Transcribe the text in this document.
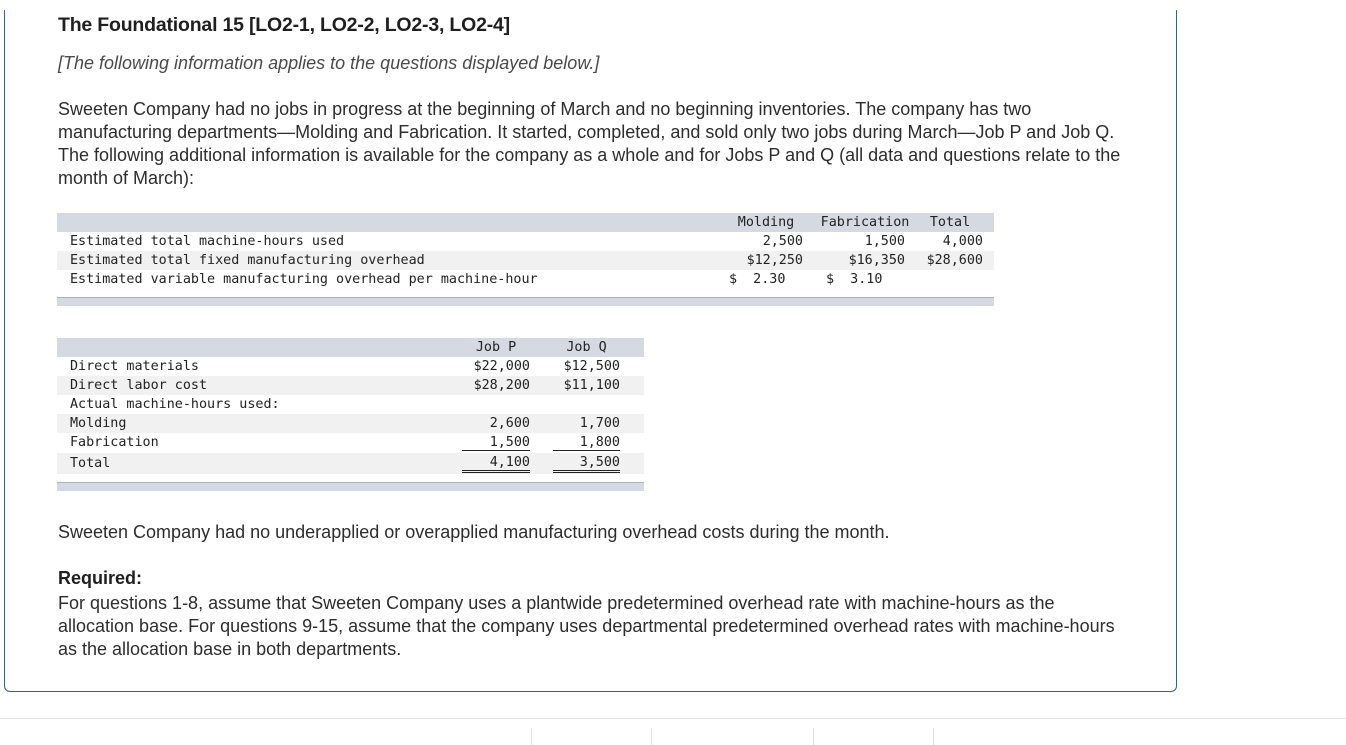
The Foundational 15 [LO2-1, LO2-2, LO2-3, LO2-4]
[The following information applies to the questions displayed below.]
Sweeten Company had no jobs in progress at the beginning of March and no beginning inventories. The company has two manufacturing departments—Molding and Fabrication. It started, completed, and sold only two jobs during March—Job P and Job Q. The following additional information is available for the company as a whole and for Jobs P and Q (all data and questions relate to the month of March):
Molding	Fabrication	Total
Estimated total machine-hours used	2,500	1,500	4,000
Estimated total fixed manufacturing overhead	$12,250	$16,350	$28,600
Estimated variable manufacturing overhead per machine-hour	$  2.30	$  3.10
Job P	Job Q
Direct materials	$22,000	$12,500
Direct labor cost	$28,200	$11,100
Actual machine-hours used:
Molding	2,600	1,700
Fabrication	1,500	1,800
Total	4,100	3,500
Sweeten Company had no underapplied or overapplied manufacturing overhead costs during the month.
Required:
For questions 1-8, assume that Sweeten Company uses a plantwide predetermined overhead rate with machine-hours as the allocation base. For questions 9-15, assume that the company uses departmental predetermined overhead rates with machine-hours as the allocation base in both departments.
